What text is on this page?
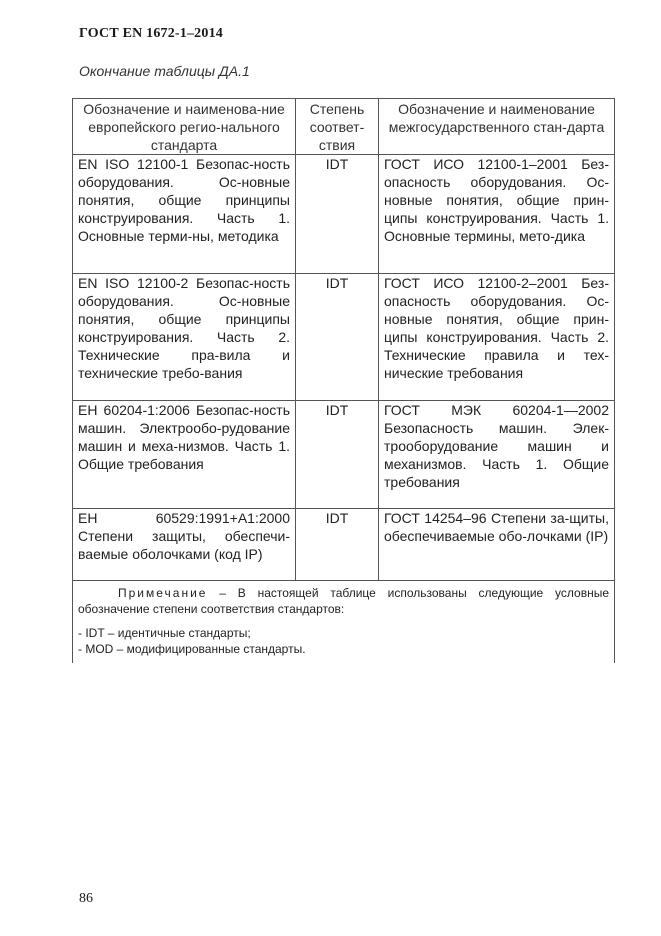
ГОСТ EN 1672-1–2014
Окончание таблицы ДА.1
Обозначение и наименова-ние европейского регио-нального стандарта	Степень соответ-ствия	Обозначение и наименование межгосударственного стан-дарта
EN ISO 12100-1 Безопас-ность оборудования. Ос-новные понятия, общие принципы конструирования. Часть 1. Основные терми-ны, методика	IDT	ГОСТ ИСО 12100-1–2001 Без-опасность оборудования. Ос-новные понятия, общие прин-ципы конструирования. Часть 1. Основные термины, мето-дика
EN ISO 12100-2 Безопас-ность оборудования. Ос-новные понятия, общие принципы конструирования. Часть 2. Технические пра-вила и технические требо-вания	IDT	ГОСТ ИСО 12100-2–2001 Без-опасность оборудования. Ос-новные понятия, общие прин-ципы конструирования. Часть 2. Технические правила и тех-нические требования
ЕН 60204-1:2006 Безопас-ность машин. Электрообо-рудование машин и меха-низмов. Часть 1. Общие требования	IDT	ГОСТ МЭК 60204-1—2002 Безопасность машин. Элек-трооборудование машин и механизмов. Часть 1. Общие требования
ЕН 60529:1991+A1:2000 Степени защиты, обеспечи-ваемые оболочками (код IP)	IDT	ГОСТ 14254–96 Степени за-щиты, обеспечиваемые обо-лочками (IP)

Примечание – В настоящей таблице использованы следующие условные обозначение степени соответствия стандартов:

- IDT – идентичные стандарты;

- MOD – модифицированные стандарты.		

86
